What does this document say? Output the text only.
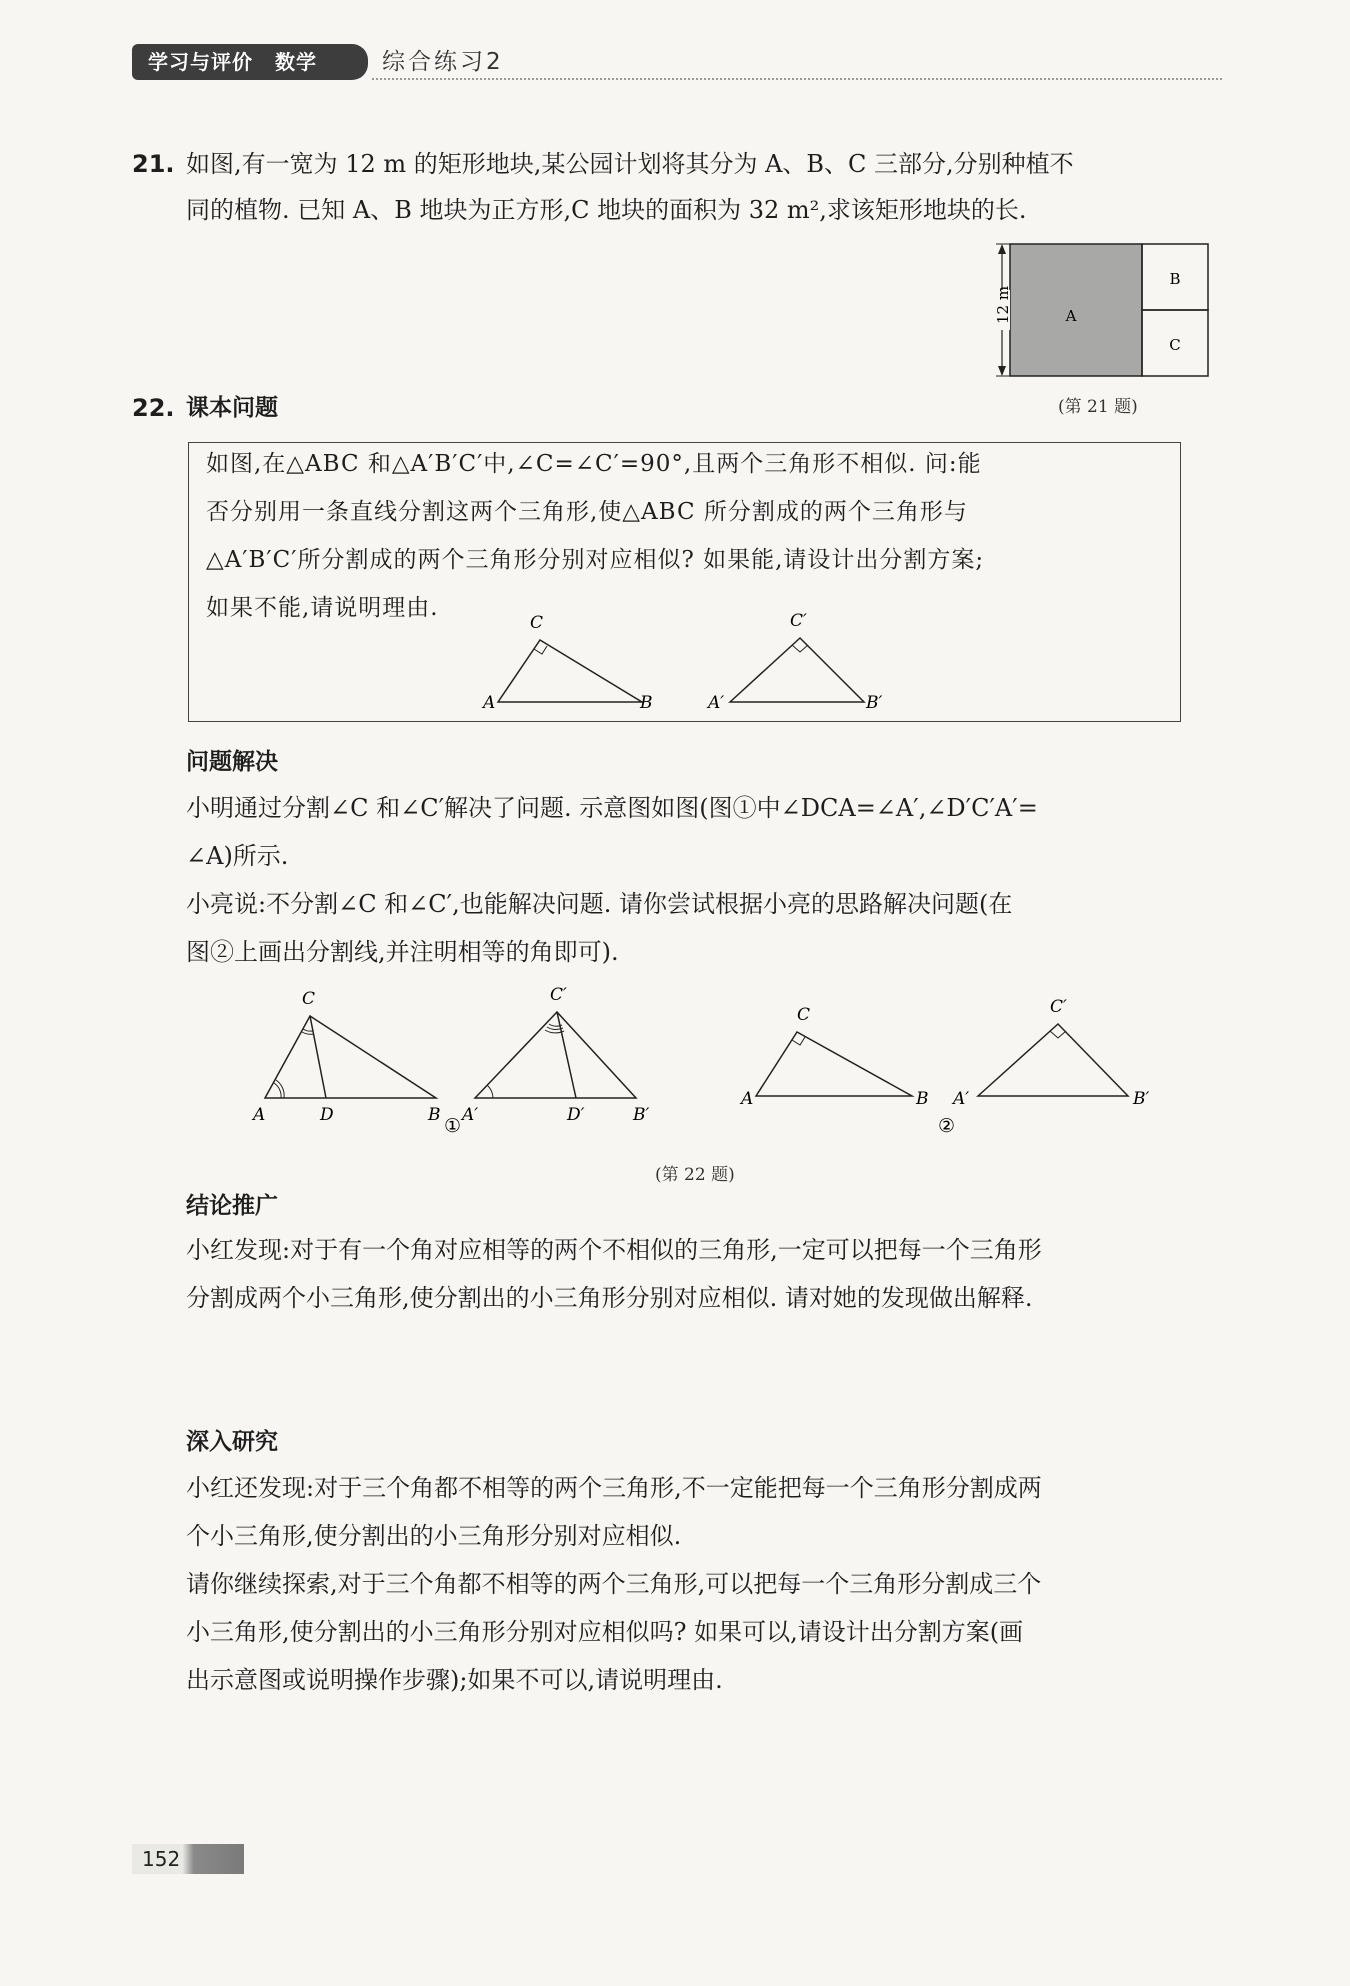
学习与评价 数学	综合练习2
21. 如图,有一宽为 12 m 的矩形地块,某公园计划将其分为 A、B、C 三部分,分别种植不
同的植物. 已知 A、B 地块为正方形,C 地块的面积为 32 m²,求该矩形地块的长.
12 m	A
B
C
(第 21 题)
22. 课本问题
如图,在△ABC 和△A′B′C′中,∠C=∠C′=90°,且两个三角形不相似. 问:能
否分别用一条直线分割这两个三角形,使△ABC 所分割成的两个三角形与
△A′B′C′所分割成的两个三角形分别对应相似? 如果能,请设计出分割方案;
如果不能,请说明理由.
C
A	B
C′
A′	B′
问题解决
小明通过分割∠C 和∠C′解决了问题. 示意图如图(图①中∠DCA=∠A′,∠D′C′A′=
∠A)所示.
小亮说:不分割∠C 和∠C′,也能解决问题. 请你尝试根据小亮的思路解决问题(在
图②上画出分割线,并注明相等的角即可).
C
A	D	B
C′
A′	D′	B′
①
C
A	B
C′
A′	B′
②
(第 22 题)
结论推广
小红发现:对于有一个角对应相等的两个不相似的三角形,一定可以把每一个三角形
分割成两个小三角形,使分割出的小三角形分别对应相似. 请对她的发现做出解释.
深入研究
小红还发现:对于三个角都不相等的两个三角形,不一定能把每一个三角形分割成两
个小三角形,使分割出的小三角形分别对应相似.
请你继续探索,对于三个角都不相等的两个三角形,可以把每一个三角形分割成三个
小三角形,使分割出的小三角形分别对应相似吗? 如果可以,请设计出分割方案(画
出示意图或说明操作步骤);如果不可以,请说明理由.
152
